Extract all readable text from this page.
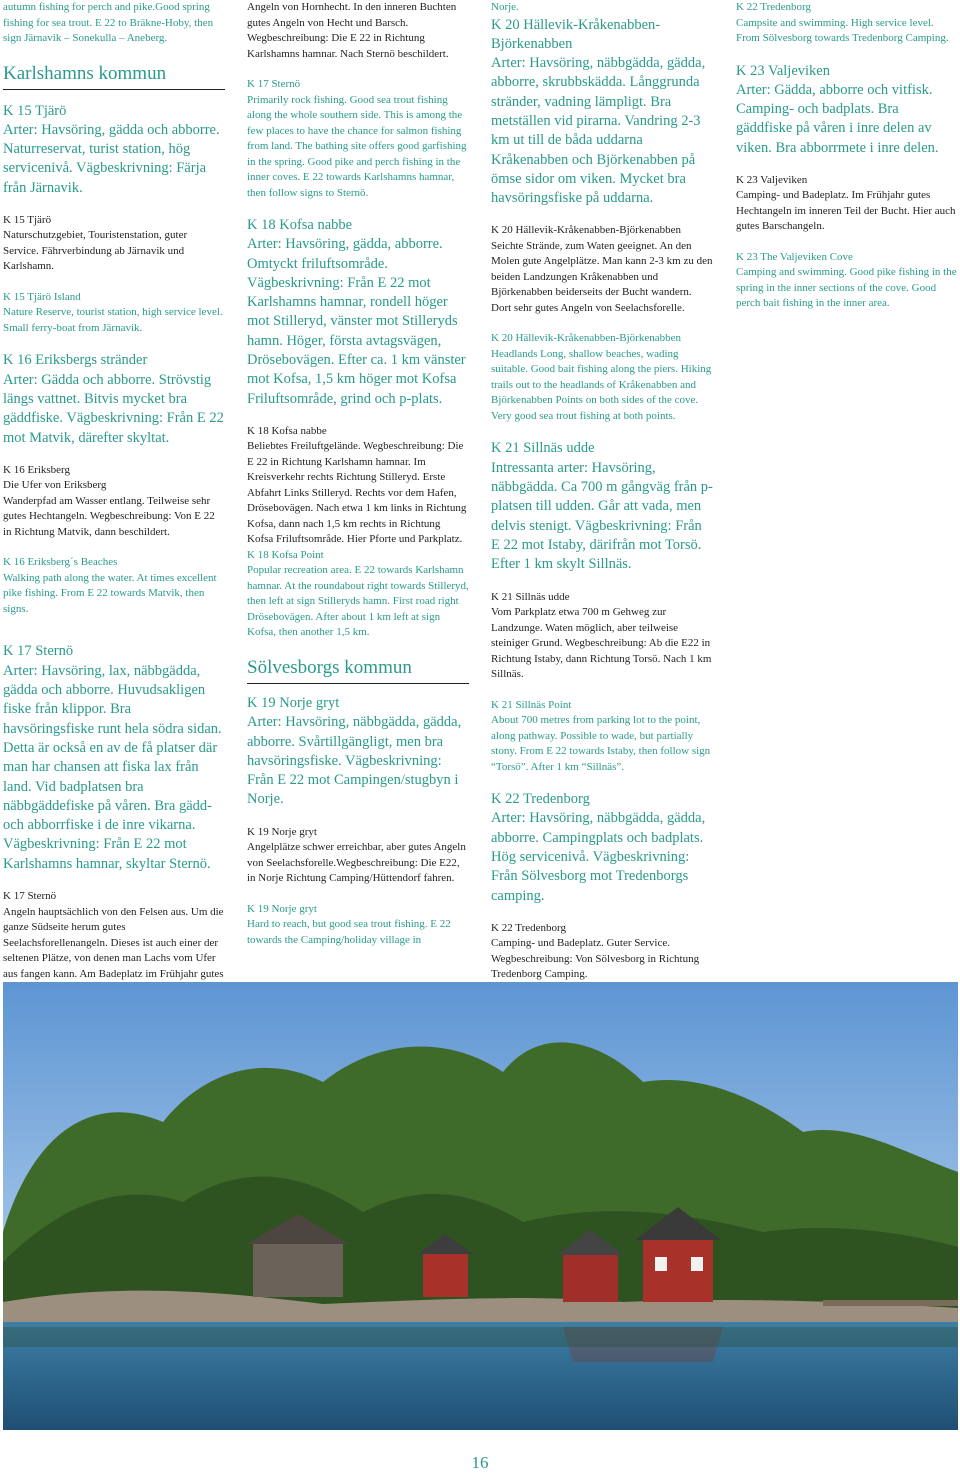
autumn fishing for perch and pike.Good spring fishing for sea trout. E 22 to Bräkne-Hoby, then sign Järnavik – Sonekulla – Aneberg.

Karlshamns kommun
K 15 Tjärö

Arter: Havsöring, gädda och abborre. Naturreservat, turist station, hög servicenivå. Vägbeskrivning: Färja från Järnavik.

K 15 Tjärö

Naturschutzgebiet, Touristenstation, guter Service. Fährverbindung ab Järnavik und Karlshamn.

K 15 Tjärö Island

Nature Reserve, tourist station, high service level. Small ferry-boat from Järnavik.

K 16 Eriksbergs stränder

Arter: Gädda och abborre. Strövstig längs vattnet. Bitvis mycket bra gäddfiske. Vägbeskrivning: Från E 22 mot Matvik, därefter skyltat.

K 16 Eriksberg
Die Ufer von Eriksberg

Wanderpfad am Wasser entlang. Teilweise sehr gutes Hechtangeln. Wegbeschreibung: Von E 22 in Richtung Matvik, dann beschildert.

K 16 Eriksberg´s Beaches

Walking path along the water. At times excellent pike fishing. From E 22 towards Matvik, then signs.

K 17 Sternö

Arter: Havsöring, lax, näbbgädda, gädda och abborre. Huvudsakligen fiske från klippor. Bra havsöringsfiske runt hela södra sidan. Detta är också en av de få platser där man har chansen att fiska lax från land. Vid badplatsen bra näbbgäddefiske på våren. Bra gädd- och abborrfiske i de inre vikarna. Vägbeskrivning: Från E 22 mot Karlshamns hamnar, skyltar Sternö.

K 17 Sternö

Angeln hauptsächlich von den Felsen aus. Um die ganze Südseite herum gutes Seelachsforellenangeln. Dieses ist auch einer der seltenen Plätze, von denen man Lachs vom Ufer aus fangen kann. Am Badeplatz im Frühjahr gutes

Angeln von Hornhecht. In den inneren Buchten gutes Angeln von Hecht und Barsch. Wegbeschreibung: Die E 22 in Richtung Karlshamns hamnar. Nach Sternö beschildert.

K 17 Sternö

Primarily rock fishing. Good sea trout fishing along the whole southern side. This is among the few places to have the chance for salmon fishing from land. The bathing site offers good garfishing in the spring. Good pike and perch fishing in the inner coves. E 22 towards Karlshamns hamnar, then follow signs to Sternö.

K 18 Kofsa nabbe

Arter: Havsöring, gädda, abborre. Omtyckt friluftsområde. Vägbeskrivning: Från E 22 mot Karlshamns hamnar, rondell höger mot Stilleryd, vänster mot Stilleryds hamn. Höger, första avtagsvägen, Drösebovägen. Efter ca. 1 km vänster mot Kofsa, 1,5 km höger mot Kofsa Friluftsområde, grind och p-plats.

K 18 Kofsa nabbe

Beliebtes Freiluftgelände. Wegbeschreibung: Die E 22 in Richtung Karlshamn hamnar. Im Kreisverkehr rechts Richtung Stilleryd. Erste Abfahrt Links Stilleryd. Rechts vor dem Hafen, Drösebovägen. Nach etwa 1 km links in Richtung Kofsa, dann nach 1,5 km rechts in Richtung Kofsa Friluftsområde. Hier Pforte und Parkplatz.

K 18 Kofsa Point

Popular recreation area. E 22 towards Karlshamn hamnar. At the roundabout right towards Stilleryd, then left at sign Stilleryds hamn. First road right Drösebovägen. After about 1 km left at sign Kofsa, then another 1,5 km.

Sölvesborgs kommun
K 19 Norje gryt

Arter: Havsöring, näbbgädda, gädda, abborre. Svårtillgängligt, men bra havsöringsfiske. Vägbeskrivning: Från E 22 mot Campingen/stugbyn i Norje.

K 19 Norje gryt

Angelplätze schwer erreichbar, aber gutes Angeln von Seelachsforelle.Wegbeschreibung: Die E22, in Norje Richtung Camping/Hüttendorf fahren.

K 19 Norje gryt

Hard to reach, but good sea trout fishing. E 22 towards the Camping/holiday village in

Norje.

K 20 Hällevik-Kråkenabben-Björkenabben

Arter: Havsöring, näbbgädda, gädda, abborre, skrubbskädda. Långgrunda stränder, vadning lämpligt. Bra metställen vid pirarna. Vandring 2-3 km ut till de båda uddarna Kråkenabben och Björkenabben på ömse sidor om viken. Mycket bra havsöringsfiske på uddarna.

K 20 Hällevik-Kråkenabben-Björkenabben

Seichte Strände, zum Waten geeignet. An den Molen gute Angelplätze. Man kann 2-3 km zu den beiden Landzungen Kråkenabben und Björkenabben beiderseits der Bucht wandern. Dort sehr gutes Angeln von Seelachsforelle.

K 20 Hällevik-Kråkenabben-Björkenabben

Headlands Long, shallow beaches, wading suitable. Good bait fishing along the piers. Hiking trails out to the headlands of Kråkenabben and Björkenabben Points on both sides of the cove. Very good sea trout fishing at both points.

K 21 Sillnäs udde

Intressanta arter: Havsöring, näbbgädda. Ca 700 m gångväg från p-platsen till udden. Går att vada, men delvis stenigt. Vägbeskrivning: Från E 22 mot Istaby, därifrån mot Torsö. Efter 1 km skylt Sillnäs.

K 21 Sillnäs udde

Vom Parkplatz etwa 700 m Gehweg zur Landzunge. Waten möglich, aber teilweise steiniger Grund. Wegbeschreibung: Ab die E22 in Richtung Istaby, dann Richtung Torsö. Nach 1 km Sillnäs.

K 21 Sillnäs Point

About 700 metres from parking lot to the point, along pathway. Possible to wade, but partially stony. From E 22 towards Istaby, then follow sign “Torsö”. After 1 km “Sillnäs”.

K 22 Tredenborg

Arter: Havsöring, näbbgädda, gädda, abborre. Campingplats och badplats. Hög servicenivå. Vägbeskrivning: Från Sölvesborg mot Tredenborgs camping.

K 22 Tredenborg

Camping- und Badeplatz. Guter Service. Wegbeschreibung: Von Sölvesborg in Richtung Tredenborg Camping.

K 22 Tredenborg

Campsite and swimming. High service level. From Sölvesborg towards Tredenborg Camping.

K 23 Valjeviken

Arter: Gädda, abborre och vitfisk. Camping- och badplats. Bra gäddfiske på våren i inre delen av viken. Bra abborrmete i inre delen.

K 23 Valjeviken

Camping- und Badeplatz. Im Frühjahr gutes Hechtangeln im inneren Teil der Bucht. Hier auch gutes Barschangeln.

K 23 The Valjeviken Cove

Camping and swimming. Good pike fishing in the spring in the inner sections of the cove. Good perch bait fishing in the inner area.

16
